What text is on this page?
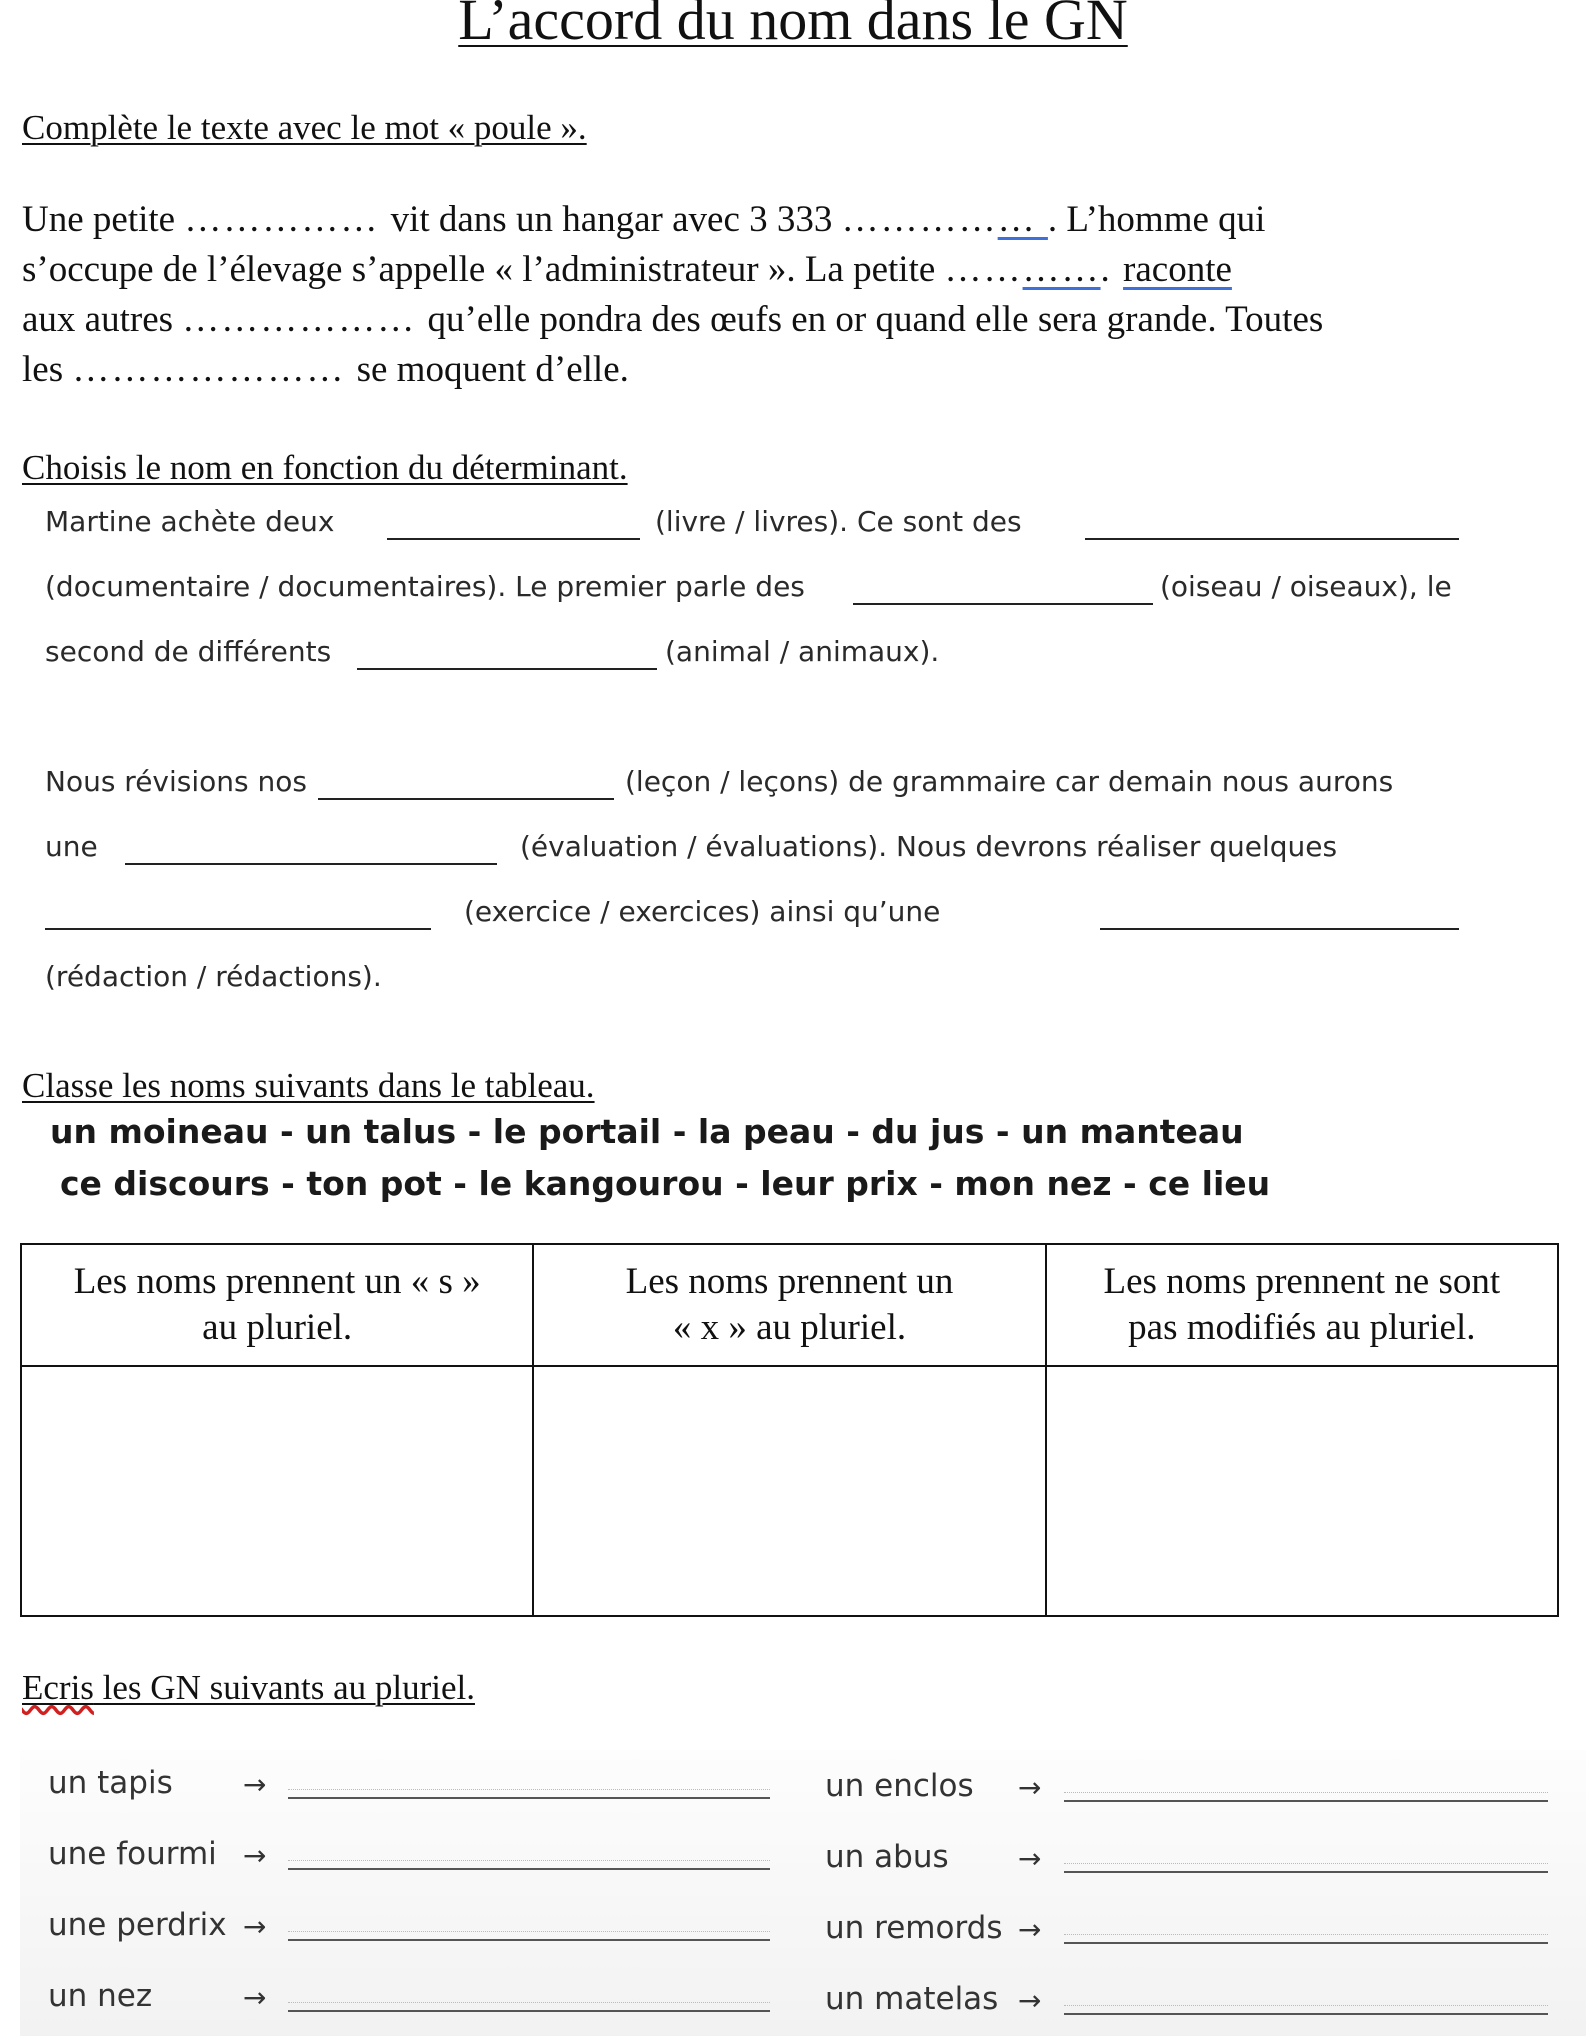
L’accord du nom dans le GN
Complète le texte avec le mot « poule ».
Une petite …………… vit dans un hangar avec 3 333 …………… . L’homme qui
s’occupe de l’élevage s’appelle « l’administrateur ». La petite …………. raconte
aux autres ……………… qu’elle pondra des œufs en or quand elle sera grande. Toutes
les ………………… se moquent d’elle.
Choisis le nom en fonction du déterminant.
Martine achète deux	(livre / livres). Ce sont des
(documentaire / documentaires). Le premier parle des	(oiseau / oiseaux), le
second de différents	(animal / animaux).
Nous révisions nos	(leçon / leçons) de grammaire car demain nous aurons
une	(évaluation / évaluations). Nous devrons réaliser quelques
(exercice / exercices) ainsi qu’une
(rédaction / rédactions).
Classe les noms suivants dans le tableau.
un moineau - un talus - le portail - la peau - du jus - un manteau
ce discours - ton pot - le kangourou - leur prix - mon nez - ce lieu
Les noms prennent un « s »
au pluriel.	Les noms prennent un
« x » au pluriel.	Les noms prennent ne sont
pas modifiés au pluriel.

Ecris les GN suivants au pluriel.
un tapis	→
une fourmi →
une perdrix →
un nez	→
un enclos →
un abus →
un remords →
un matelas →
